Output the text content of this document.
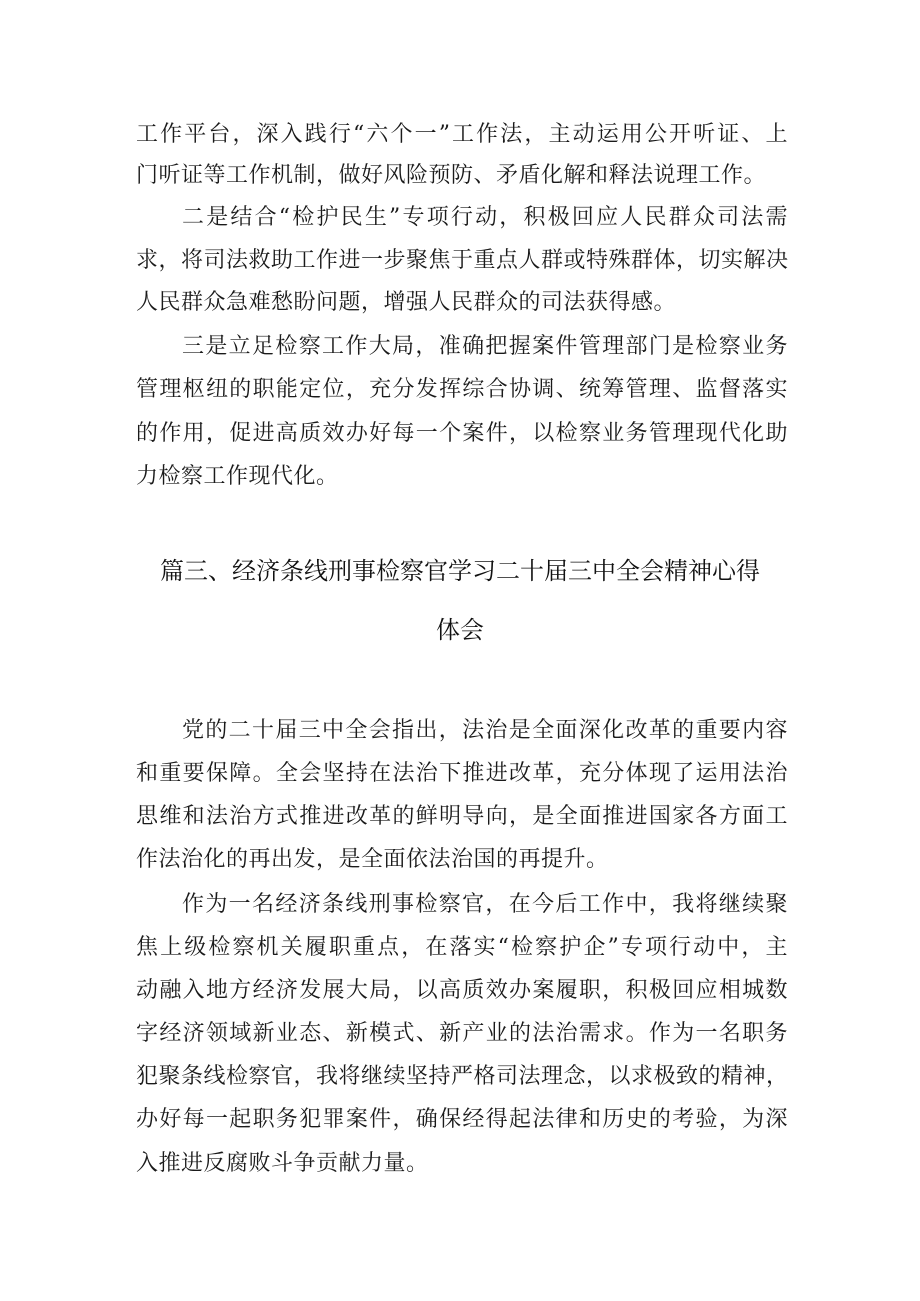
工作平台，深入践行“六个一”工作法，主动运用公开听证、上
门听证等工作机制，做好风险预防、矛盾化解和释法说理工作。
二是结合“检护民生”专项行动，积极回应人民群众司法需
求，将司法救助工作进一步聚焦于重点人群或特殊群体，切实解决
人民群众急难愁盼问题，增强人民群众的司法获得感。
三是立足检察工作大局，准确把握案件管理部门是检察业务
管理枢纽的职能定位，充分发挥综合协调、统筹管理、监督落实
的作用，促进高质效办好每一个案件，以检察业务管理现代化助
力检察工作现代化。
篇三、经济条线刑事检察官学习二十届三中全会精神心得
体会
党的二十届三中全会指出，法治是全面深化改革的重要内容
和重要保障。全会坚持在法治下推进改革，充分体现了运用法治
思维和法治方式推进改革的鲜明导向，是全面推进国家各方面工
作法治化的再出发，是全面依法治国的再提升。
作为一名经济条线刑事检察官，在今后工作中，我将继续聚
焦上级检察机关履职重点，在落实“检察护企”专项行动中，主
动融入地方经济发展大局，以高质效办案履职，积极回应相城数
字经济领域新业态、新模式、新产业的法治需求。作为一名职务
犯聚条线检察官，我将继续坚持严格司法理念，以求极致的精神，
办好每一起职务犯罪案件，确保经得起法律和历史的考验，为深
入推进反腐败斗争贡献力量。
